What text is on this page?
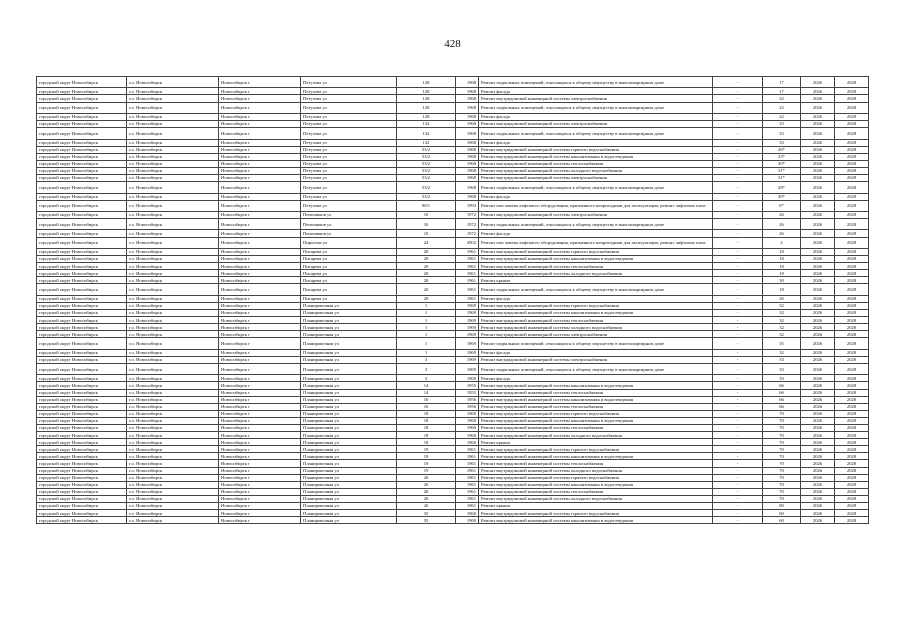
428
городской округ Новосибирск	г.о. Новосибирск	Новосибирск г	Петухова ул	128	1968	Ремонт подвальных помещений, относящихся к общему имуществу в многоквартирном доме	-	17	2026	2028
городской округ Новосибирск	г.о. Новосибирск	Новосибирск г	Петухова ул	128	1968	Ремонт фасада	-	17	2026	2028
городской округ Новосибирск	г.о. Новосибирск	Новосибирск г	Петухова ул	128	1968	Ремонт внутридомовой инженерной системы электроснабжения	-	22	2026	2028
городской округ Новосибирск	г.о. Новосибирск	Новосибирск г	Петухова ул	128	1968	Ремонт подвальных помещений, относящихся к общему имуществу в многоквартирном доме	-	22	2026	2028
городской округ Новосибирск	г.о. Новосибирск	Новосибирск г	Петухова ул	128	1968	Ремонт фасада	-	22	2026	2028
городской округ Новосибирск	г.о. Новосибирск	Новосибирск г	Петухова ул	132	1968	Ремонт внутридомовой инженерной системы электроснабжения	-	33	2026	2028
городской округ Новосибирск	г.о. Новосибирск	Новосибирск г	Петухова ул	132	1968	Ремонт подвальных помещений, относящихся к общему имуществу в многоквартирном доме	-	33	2026	2028
городской округ Новосибирск	г.о. Новосибирск	Новосибирск г	Петухова ул	132	1968	Ремонт фасада	-	33	2026	2028
городской округ Новосибирск	г.о. Новосибирск	Новосибирск г	Петухова ул	53/2	1968	Ремонт внутридомовой инженерной системы горячего водоснабжения	-	26*	2026	2028
городской округ Новосибирск	г.о. Новосибирск	Новосибирск г	Петухова ул	53/2	1968	Ремонт внутридомовой инженерной системы канализования и водоотведения	-	33*	2026	2028
городской округ Новосибирск	г.о. Новосибирск	Новосибирск г	Петухова ул	53/2	1968	Ремонт внутридомовой инженерной системы теплоснабжения	-	30*	2026	2028
городской округ Новосибирск	г.о. Новосибирск	Новосибирск г	Петухова ул	53/2	1968	Ремонт внутридомовой инженерной системы холодного водоснабжения	-	31*	2026	2028
городской округ Новосибирск	г.о. Новосибирск	Новосибирск г	Петухова ул	53/2	1968	Ремонт внутридомовой инженерной системы электроснабжения	-	31*	2026	2028
городской округ Новосибирск	г.о. Новосибирск	Новосибирск г	Петухова ул	53/2	1968	Ремонт подвальных помещений, относящихся к общему имуществу в многоквартирном доме	-	28*	2026	2028
городской округ Новосибирск	г.о. Новосибирск	Новосибирск г	Петухова ул	53/2	1968	Ремонт фасада	-	30*	2026	2028
городской округ Новосибирск	г.о. Новосибирск	Новосибирск г	Петухова ул	90/1	1993	Ремонт или замена лифтового оборудования, признанного непригодным для эксплуатации, ремонт лифтовых шахт	-	6*	2026	2028
городской округ Новосибирск	г.о. Новосибирск	Новосибирск г	Печатников ул	10	1972	Ремонт внутридомовой инженерной системы электроснабжения	-	26	2026	2028
городской округ Новосибирск	г.о. Новосибирск	Новосибирск г	Печатников ул	10	1972	Ремонт подвальных помещений, относящихся к общему имуществу в многоквартирном доме	-	26	2026	2028
городской округ Новосибирск	г.о. Новосибирск	Новосибирск г	Печатников ул	10	1972	Ремонт фасада	-	26	2026	2028
городской округ Новосибирск	г.о. Новосибирск	Новосибирск г	Пирогова ул	24	2002	Ремонт или замена лифтового оборудования, признанного непригодным для эксплуатации, ремонт лифтовых шахт	-	2	2026	2028
городской округ Новосибирск	г.о. Новосибирск	Новосибирск г	Писарева ул	20	1961	Ремонт внутридомовой инженерной системы горячего водоснабжения	-	18	2026	2028
городской округ Новосибирск	г.о. Новосибирск	Новосибирск г	Писарева ул	20	1961	Ремонт внутридомовой инженерной системы канализования и водоотведения	-	18	2026	2028
городской округ Новосибирск	г.о. Новосибирск	Новосибирск г	Писарева ул	20	1961	Ремонт внутридомовой инженерной системы теплоснабжения	-	18	2026	2028
городской округ Новосибирск	г.о. Новосибирск	Новосибирск г	Писарева ул	20	1961	Ремонт внутридомовой инженерной системы холодного водоснабжения	-	18	2026	2028
городской округ Новосибирск	г.о. Новосибирск	Новосибирск г	Писарева ул	20	1961	Ремонт крыши	-	30	2026	2028
городской округ Новосибирск	г.о. Новосибирск	Новосибирск г	Писарева ул	20	1961	Ремонт подвальных помещений, относящихся к общему имуществу в многоквартирном доме	-	18	2026	2028
городской округ Новосибирск	г.о. Новосибирск	Новосибирск г	Писарева ул	20	1961	Ремонт фасада	-	26	2026	2028
городской округ Новосибирск	г.о. Новосибирск	Новосибирск г	Планировочная ул	1	1969	Ремонт внутридомовой инженерной системы горячего водоснабжения	-	32	2026	2028
городской округ Новосибирск	г.о. Новосибирск	Новосибирск г	Планировочная ул	1	1969	Ремонт внутридомовой инженерной системы канализования и водоотведения	-	32	2026	2028
городской округ Новосибирск	г.о. Новосибирск	Новосибирск г	Планировочная ул	1	1969	Ремонт внутридомовой инженерной системы теплоснабжения	-	32	2026	2028
городской округ Новосибирск	г.о. Новосибирск	Новосибирск г	Планировочная ул	1	1969	Ремонт внутридомовой инженерной системы холодного водоснабжения	-	32	2026	2028
городской округ Новосибирск	г.о. Новосибирск	Новосибирск г	Планировочная ул	1	1969	Ремонт внутридомовой инженерной системы электроснабжения	-	32	2026	2028
городской округ Новосибирск	г.о. Новосибирск	Новосибирск г	Планировочная ул	1	1969	Ремонт подвальных помещений, относящихся к общему имуществу в многоквартирном доме	-	35	2026	2028
городской округ Новосибирск	г.о. Новосибирск	Новосибирск г	Планировочная ул	1	1969	Ремонт фасада	-	32	2026	2028
городской округ Новосибирск	г.о. Новосибирск	Новосибирск г	Планировочная ул	3	1969	Ремонт внутридомовой инженерной системы электроснабжения	-	33	2026	2028
городской округ Новосибирск	г.о. Новосибирск	Новосибирск г	Планировочная ул	3	1969	Ремонт подвальных помещений, относящихся к общему имуществу в многоквартирном доме	-	33	2026	2028
городской округ Новосибирск	г.о. Новосибирск	Новосибирск г	Планировочная ул	3	1969	Ремонт фасада	-	33	2026	2028
городской округ Новосибирск	г.о. Новосибирск	Новосибирск г	Планировочная ул	14	1955	Ремонт внутридомовой инженерной системы канализования и водоотведения	-	66	2026	2028
городской округ Новосибирск	г.о. Новосибирск	Новосибирск г	Планировочная ул	14	1955	Ремонт внутридомовой инженерной системы теплоснабжения	-	66	2026	2028
городской округ Новосибирск	г.о. Новосибирск	Новосибирск г	Планировочная ул	16	1956	Ремонт внутридомовой инженерной системы канализования и водоотведения	-	66	2026	2028
городской округ Новосибирск	г.о. Новосибирск	Новосибирск г	Планировочная ул	16	1956	Ремонт внутридомовой инженерной системы теплоснабжения	-	66	2026	2028
городской округ Новосибирск	г.о. Новосибирск	Новосибирск г	Планировочная ул	18	1960	Ремонт внутридомовой инженерной системы горячего водоснабжения	-	70	2026	2028
городской округ Новосибирск	г.о. Новосибирск	Новосибирск г	Планировочная ул	18	1960	Ремонт внутридомовой инженерной системы канализования и водоотведения	-	70	2026	2028
городской округ Новосибирск	г.о. Новосибирск	Новосибирск г	Планировочная ул	18	1960	Ремонт внутридомовой инженерной системы теплоснабжения	-	70	2026	2028
городской округ Новосибирск	г.о. Новосибирск	Новосибирск г	Планировочная ул	18	1960	Ремонт внутридомовой инженерной системы холодного водоснабжения	-	70	2026	2028
городской округ Новосибирск	г.о. Новосибирск	Новосибирск г	Планировочная ул	18	1960	Ремонт крыши	-	70	2026	2028
городской округ Новосибирск	г.о. Новосибирск	Новосибирск г	Планировочная ул	19	1961	Ремонт внутридомовой инженерной системы горячего водоснабжения	-	70	2026	2028
городской округ Новосибирск	г.о. Новосибирск	Новосибирск г	Планировочная ул	19	1961	Ремонт внутридомовой инженерной системы канализования и водоотведения	-	70	2026	2028
городской округ Новосибирск	г.о. Новосибирск	Новосибирск г	Планировочная ул	19	1961	Ремонт внутридомовой инженерной системы теплоснабжения	-	70	2026	2028
городской округ Новосибирск	г.о. Новосибирск	Новосибирск г	Планировочная ул	19	1961	Ремонт внутридомовой инженерной системы холодного водоснабжения	-	70	2026	2028
городской округ Новосибирск	г.о. Новосибирск	Новосибирск г	Планировочная ул	26	1961	Ремонт внутридомовой инженерной системы горячего водоснабжения	-	70	2026	2028
городской округ Новосибирск	г.о. Новосибирск	Новосибирск г	Планировочная ул	26	1961	Ремонт внутридомовой инженерной системы канализования и водоотведения	-	70	2026	2028
городской округ Новосибирск	г.о. Новосибирск	Новосибирск г	Планировочная ул	26	1961	Ремонт внутридомовой инженерной системы теплоснабжения	-	70	2026	2028
городской округ Новосибирск	г.о. Новосибирск	Новосибирск г	Планировочная ул	26	1961	Ремонт внутридомовой инженерной системы холодного водоснабжения	-	70	2026	2028
городской округ Новосибирск	г.о. Новосибирск	Новосибирск г	Планировочная ул	26	1961	Ремонт крыши	-	80	2026	2028
городской округ Новосибирск	г.о. Новосибирск	Новосибирск г	Планировочная ул	35	1960	Ремонт внутридомовой инженерной системы горячего водоснабжения	-	60	2026	2028
городской округ Новосибирск	г.о. Новосибирск	Новосибирск г	Планировочная ул	35	1960	Ремонт внутридомовой инженерной системы канализования и водоотведения	-	60	2026	2028
